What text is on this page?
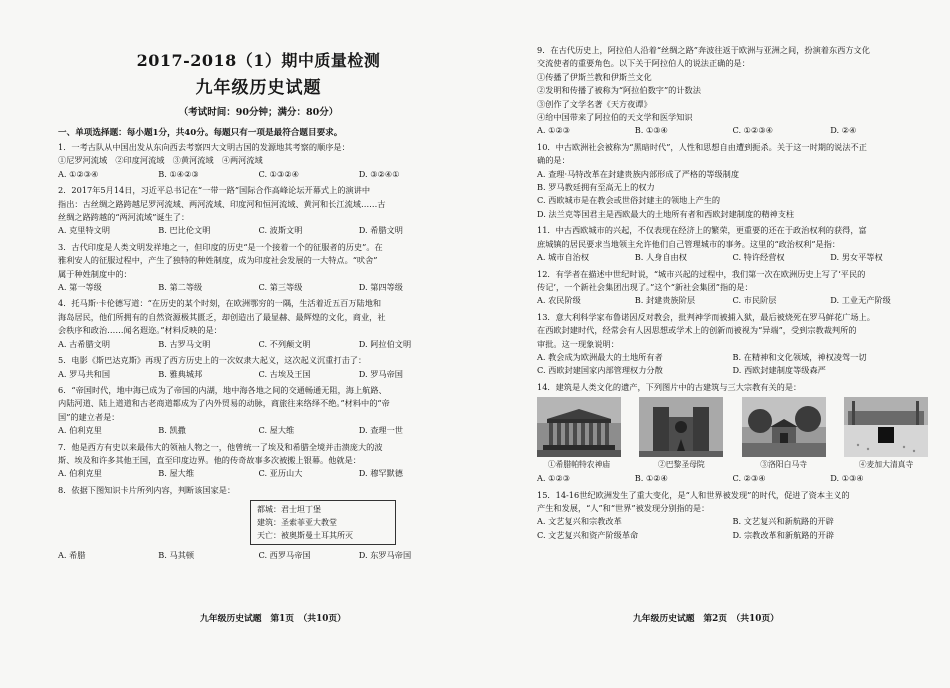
2017-2018（1）期中质量检测
九年级历史试题
（考试时间：90分钟；满分：80分）
一、单项选择题：每小题1分，共40分。每题只有一项是最符合题目要求。

1．一考古队从中国出发从东向西去考察四大文明古国的发源地其考察的顺序是：

①尼罗河流域　②印度河流域　③黄河流域　④两河流域

A. ①②③④	B. ①④②③	C. ①③②④	D. ③②④①

2．2017年5月14日，习近平总书记在“一带一路”国际合作高峰论坛开幕式上的演讲中

指出：古丝绸之路跨越尼罗河流域、两河流域、印度河和恒河流域、黄河和长江流域……古

丝绸之路跨越的“两河流域”诞生了：

A. 克里特文明	B. 巴比伦文明	C. 波斯文明	D. 希腊文明

3．古代印度是人类文明发祥地之一，但印度的历史“是一个接着一个的征服者的历史”。在

雅利安人的征服过程中，产生了独特的种姓制度，成为印度社会发展的一大特点。“吠舍”

属于种姓制度中的：

A. 第一等级	B. 第二等级	C. 第三等级	D. 第四等级

4．托马斯·卡伦德写道：“在历史的某个时刻，在欧洲鄂穷的一隅，生活着近五百万陆地和

海岛居民，他们所拥有的自然资源极其匮乏，却创造出了最显赫、最辉煌的文化，商业，社

会秩序和政治……闻名遐迩。”材料反映的是：

A. 古希腊文明	B. 古罗马文明	C. 不列颠文明	D. 阿拉伯文明

5．电影《斯巴达克斯》再现了西方历史上的一次奴隶大起义，这次起义沉重打击了：

A. 罗马共和国	B. 雅典城邦	C. 古埃及王国	D. 罗马帝国

6．“帝国时代，地中海已成为了帝国的内湖，地中海各地之间的交通畅通无阻，海上航路、

内陆河道、陆上道道和古老商道都成为了内外贸易的动脉，商旅往来络绎不绝。”材料中的“帝

国”的建立者是：

A. 伯利克里	B. 凯撒	C. 屋大维	D. 查理一世

7．他是西方有史以来最伟大的领袖人物之一，他曾统一了埃及和希腊全境并击溃庞大的波

斯、埃及和许多其他王国，直至印度边界。他的传奇故事多次被搬上银幕。他就是：

A. 伯利克里	B. 屋大维	C. 亚历山大	D. 穆罕默德

8．依据下图知识卡片所列内容，判断该国家是：

都城：君士坦丁堡
建筑：圣索菲亚大教堂
天亡：被奥斯曼土耳其所灭
A. 希腊	B. 马其顿	C. 西罗马帝国	D. 东罗马帝国
九年级历史试题　第1页　（共10页）

9．在古代历史上，阿拉伯人沿着“丝绸之路”奔波往返于欧洲与亚洲之间，扮演着东西方文化

交流使者的重要角色。以下关于阿拉伯人的说法正确的是：

①传播了伊斯兰教和伊斯兰文化

②发明和传播了被称为“阿拉伯数字”的计数法

③创作了文学名著《天方夜谭》

④给中国带来了阿拉伯的天文学和医学知识

A. ①②③	B. ①③④	C. ①②③④	D. ②④

10．中古欧洲社会被称为“黑暗时代”，人性和思想自由遭到扼杀。关于这一时期的说法不正

确的是：

A. 查理·马特改革在封建贵族内部形成了严格的等级制度
B. 罗马教廷拥有至高无上的权力
C. 西欧城市是在教会或世俗封建主的领地上产生的
D. 法兰克等国君主是西欧最大的土地所有者和西欧封建制度的精神支柱

11．中古西欧城市的兴起，不仅表现在经济上的繁荣，更重要的还在于政治权利的获得，富

庶城镇的居民要求当地领主允许他们自己管理城市的事务。这里的“政治权利”是指：

A. 城市自治权	B. 人身自由权	C. 特许经营权	D. 男女平等权

12．有学者在描述中世纪时说，“城市兴起的过程中，我们第一次在欧洲历史上写了‘平民的

传记’，一个新社会集团出现了。”这个“新社会集团”指的是：

A. 农民阶级	B. 封建贵族阶层	C. 市民阶层	D. 工业无产阶级

13．意大利科学家布鲁诺因反对教会，批判神学而被捕入狱，最后被烧死在罗马鲜花广场上。

在西欧封建时代，经常会有人因思想或学术上的创新而被视为“异端”，受到宗教裁判所的

审批。这一现象说明：

A. 教会成为欧洲最大的土地所有者	B. 在精神和文化领域，神权凌驾一切
C. 西欧封建国家内部管理权力分散	D. 西欧封建制度等级森严

14．建筑是人类文化的遗产，下列图片中的古建筑与三大宗教有关的是：

①希腊帕特农神庙	②巴黎圣母院	③洛阳白马寺	④麦加大清真寺
A. ①②③	B. ①②④	C. ②③④	D. ①③④

15．14-16世纪欧洲发生了重大变化，是“人和世界被发现”的时代，促进了资本主义的

产生和发展，“人”和“世界”被发现分别指的是：

A. 文艺复兴和宗教改革	B. 文艺复兴和新航路的开辟
C. 文艺复兴和资产阶级革命	D. 宗教改革和新航路的开辟
九年级历史试题　第2页　（共10页）
